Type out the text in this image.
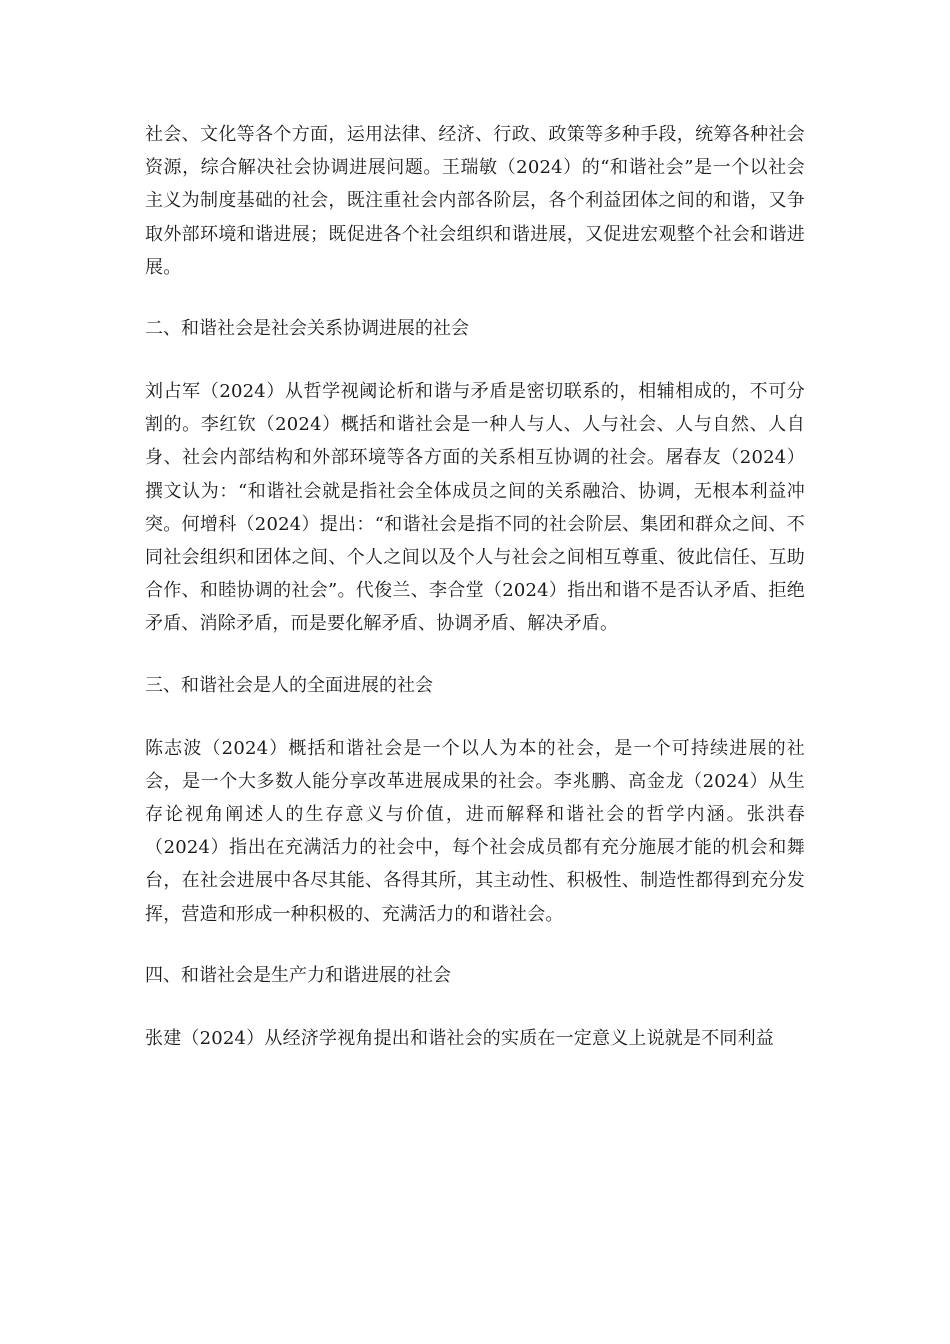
社会、文化等各个方面，运用法律、经济、行政、政策等多种手段，统筹各种社会资源，综合解决社会协调进展问题。王瑞敏（2024）的“和谐社会”是一个以社会主义为制度基础的社会，既注重社会内部各阶层，各个利益团体之间的和谐，又争取外部环境和谐进展；既促进各个社会组织和谐进展，又促进宏观整个社会和谐进展。

二、和谐社会是社会关系协调进展的社会

刘占军（2024）从哲学视阈论析和谐与矛盾是密切联系的，相辅相成的，不可分割的。李红钦（2024）概括和谐社会是一种人与人、人与社会、人与自然、人自身、社会内部结构和外部环境等各方面的关系相互协调的社会。屠春友（2024）撰文认为：“和谐社会就是指社会全体成员之间的关系融洽、协调，无根本利益冲突。何增科（2024）提出：“和谐社会是指不同的社会阶层、集团和群众之间、不同社会组织和团体之间、个人之间以及个人与社会之间相互尊重、彼此信任、互助合作、和睦协调的社会”。代俊兰、李合堂（2024）指出和谐不是否认矛盾、拒绝矛盾、消除矛盾，而是要化解矛盾、协调矛盾、解决矛盾。

三、和谐社会是人的全面进展的社会

陈志波（2024）概括和谐社会是一个以人为本的社会，是一个可持续进展的社会，是一个大多数人能分享改革进展成果的社会。李兆鹏、高金龙（2024）从生存论视角阐述人的生存意义与价值，进而解释和谐社会的哲学内涵。张洪春（2024）指出在充满活力的社会中，每个社会成员都有充分施展才能的机会和舞台，在社会进展中各尽其能、各得其所，其主动性、积极性、制造性都得到充分发挥，营造和形成一种积极的、充满活力的和谐社会。

四、和谐社会是生产力和谐进展的社会

张建（2024）从经济学视角提出和谐社会的实质在一定意义上说就是不同利益
